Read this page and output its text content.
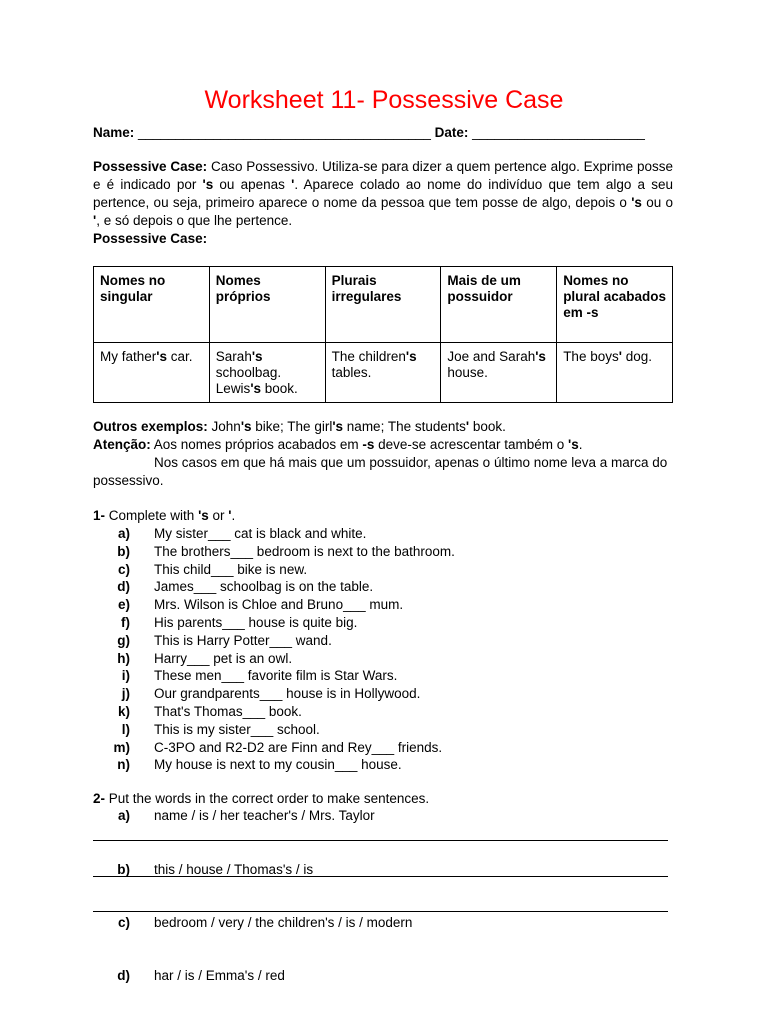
Worksheet 11- Possessive Case
Name: _______________________________________ Date: _______________________
Possessive Case: Caso Possessivo. Utiliza-se para dizer a quem pertence algo. Exprime posse e é indicado por 's ou apenas '. Aparece colado ao nome do indivíduo que tem algo a seu pertence, ou seja, primeiro aparece o nome da pessoa que tem posse de algo, depois o 's ou o ', e só depois o que lhe pertence.
Possessive Case:
Nomes no singular	Nomes próprios	Plurais irregulares	Mais de um possuidor	Nomes no plural acabados em -s
My father's car.	Sarah's schoolbag. Lewis's book.	The children's tables.	Joe and Sarah's house.	The boys' dog.
Outros exemplos: John's bike; The girl's name; The students' book.
Atenção: Aos nomes próprios acabados em -s deve-se acrescentar também o 's.
Nos casos em que há mais que um possuidor, apenas o último nome leva a marca do possessivo.
1- Complete with 's or '.
a) My sister___ cat is black and white.
b) The brothers___ bedroom is next to the bathroom.
c) This child___ bike is new.
d) James___ schoolbag is on the table.
e) Mrs. Wilson is Chloe and Bruno___ mum.
f) His parents___ house is quite big.
g) This is Harry Potter___ wand.
h) Harry___ pet is an owl.
i) These men___ favorite film is Star Wars.
j) Our grandparents___ house is in Hollywood.
k) That's Thomas___ book.
l) This is my sister___ school.
m) C-3PO and R2-D2 are Finn and Rey___ friends.
n) My house is next to my cousin___ house.
2- Put the words in the correct order to make sentences.
a) name / is / her teacher's / Mrs. Taylor
b) this / house / Thomas's / is
c) bedroom / very / the children's / is / modern
d) har / is / Emma's / red
